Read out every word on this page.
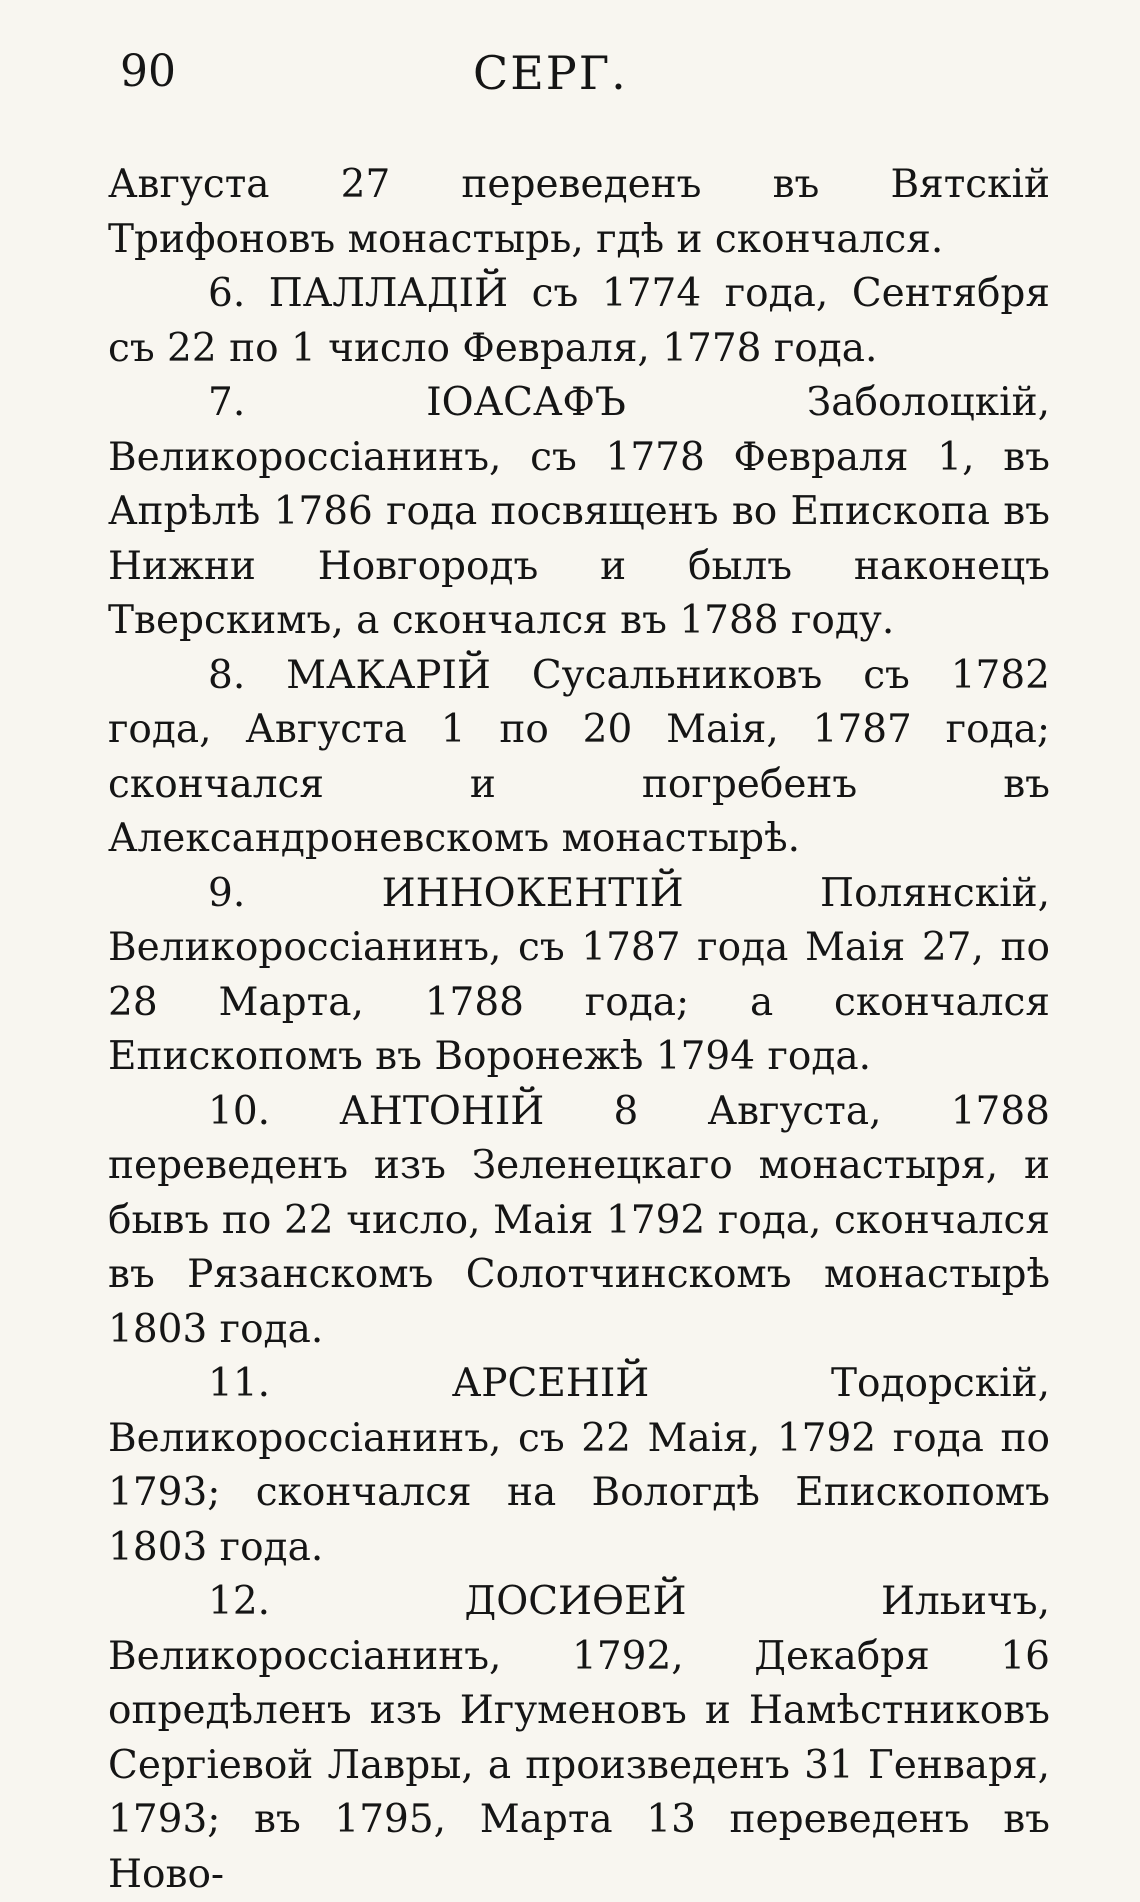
90	СЕРГ.

Августа 27 переведенъ въ Вятскій Трифоновъ монастырь, гдѣ и скончался.

6. ПАЛЛАДІЙ съ 1774 года, Сентября съ 22 по 1 число Февраля, 1778 года.

7. ІОАСАФЪ Заболоцкій, Великороссіанинъ, съ 1778 Февраля 1, въ Апрѣлѣ 1786 года посвященъ во Епископа въ Нижни Новгородъ и былъ наконецъ Тверскимъ, а скончался въ 1788 году.

8. МАКАРІЙ Сусальниковъ съ 1782 года, Августа 1 по 20 Маія, 1787 года; скончался и погребенъ въ Александроневскомъ монастырѣ.

9. ИННОКЕНТІЙ Полянскій, Великороссіанинъ, съ 1787 года Маія 27, по 28 Марта, 1788 года; а скончался Епископомъ въ Воронежѣ 1794 года.

10. АНТОНІЙ 8 Августа, 1788 переведенъ изъ Зеленецкаго монастыря, и бывъ по 22 число, Маія 1792 года, скончался въ Рязанскомъ Солотчинскомъ монастырѣ 1803 года.

11. АРСЕНІЙ Тодорскій, Великороссіанинъ, съ 22 Маія, 1792 года по 1793; скончался на Вологдѣ Епископомъ 1803 года.

12. ДОСИѲЕЙ Ильичъ, Великороссіанинъ, 1792, Декабря 16 опредѣленъ изъ Игуменовъ и Намѣстниковъ Сергіевой Лавры, а произведенъ 31 Генваря, 1793; въ 1795, Марта 13 переведенъ въ Ново-
